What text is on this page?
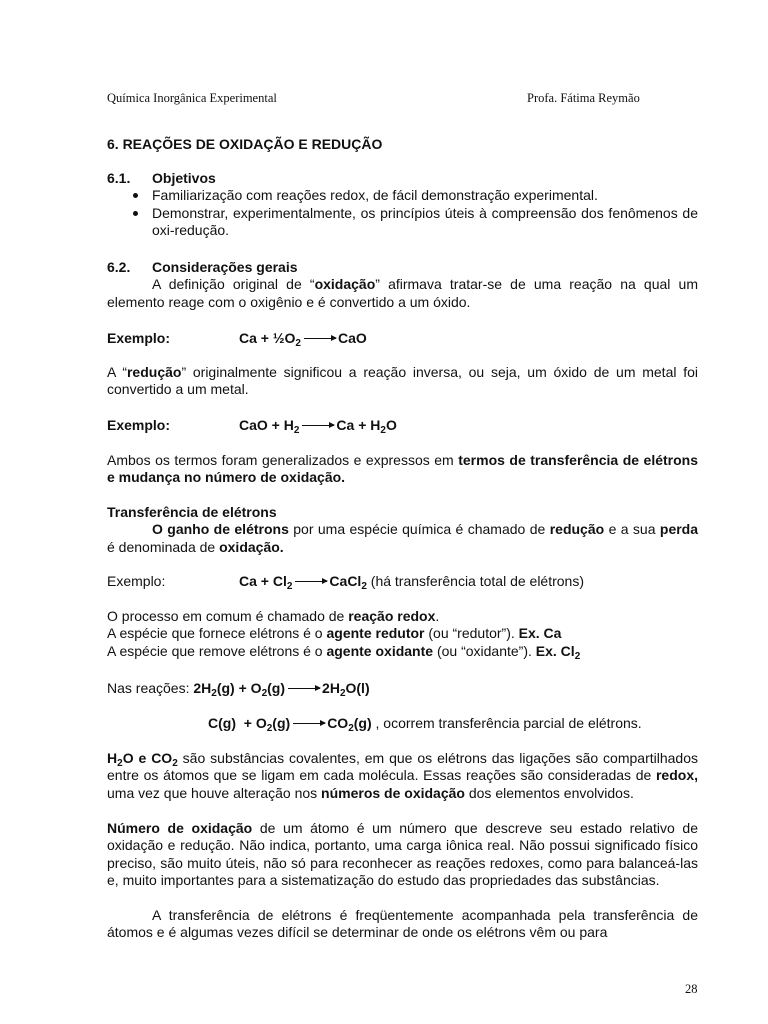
Química Inorgânica Experimental	Profa. Fátima Reymão
6. REAÇÕES DE OXIDAÇÃO E REDUÇÃO
6.1. Objetivos
Familiarização com reações redox, de fácil demonstração experimental.
Demonstrar, experimentalmente, os princípios úteis à compreensão dos fenômenos de oxi-redução.
6.2. Considerações gerais
A definição original de “oxidação” afirmava tratar-se de uma reação na qual um elemento reage com o oxigênio e é convertido a um óxido.
Exemplo:	$Ca + \frac{1}{2}O_2$	CaO
A “redução” originalmente significou a reação inversa, ou seja, um óxido de um metal foi convertido a um metal.
Exemplo:	CaO + $H_2$	$Ca + H_2O$
Ambos os termos foram generalizados e expressos em termos de transferência de elétrons e mudança no número de oxidação.
Transferência de elétrons
O ganho de elétrons por uma espécie química é chamado de redução e a sua perda é denominada de oxidação.
Exemplo:	$Ca + Cl_2$	CaCl$_2$ (há transferência total de elétrons)
O processo em comum é chamado de reação redox.
A espécie que fornece elétrons é o agente redutor (ou “redutor”). Ex. Ca
A espécie que remove elétrons é o agente oxidante (ou “oxidante”). Ex. $Cl_2$
Nas reações: $2H_2(g) + O_2(g)$	$2H_2O(l)$
$C(g) + O_2(g)$	$CO_2(g)$ , ocorrem transferência parcial de elétrons.
$H_2O$ e $CO_2$ são substâncias covalentes, em que os elétrons das ligações são compartilhados entre os átomos que se ligam em cada molécula. Essas reações são consideradas de redox, uma vez que houve alteração nos números de oxidação dos elementos envolvidos.
Número de oxidação de um átomo é um número que descreve seu estado relativo de oxidação e redução. Não indica, portanto, uma carga iônica real. Não possui significado físico preciso, são muito úteis, não só para reconhecer as reações redoxes, como para balanceá-las e, muito importantes para a sistematização do estudo das propriedades das substâncias.
A transferência de elétrons é freqüentemente acompanhada pela transferência de átomos e é algumas vezes difícil se determinar de onde os elétrons vêm ou para
28
